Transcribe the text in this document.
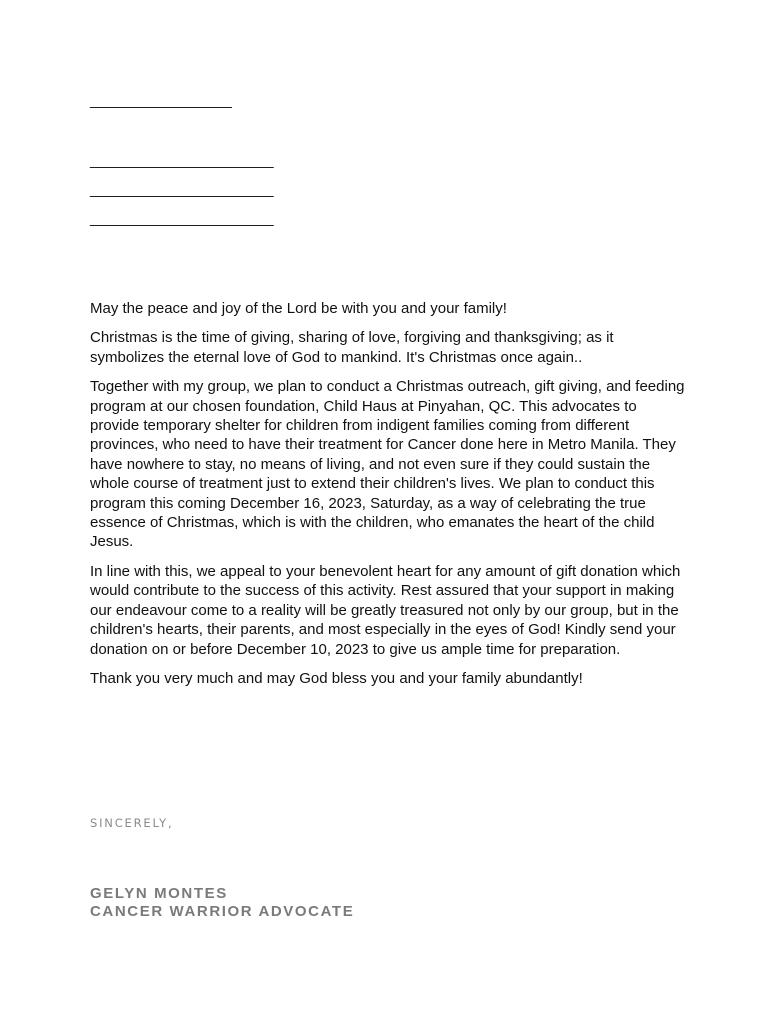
_________________
______________________
______________________
______________________

May the peace and joy of the Lord be with you and your family!

Christmas is the time of giving, sharing of love, forgiving and thanksgiving; as it symbolizes the eternal love of God to mankind. It's Christmas once again..

Together with my group, we plan to conduct a Christmas outreach, gift giving, and feeding program at our chosen foundation, Child Haus at Pinyahan, QC. This advocates to provide temporary shelter for children from indigent families coming from different provinces, who need to have their treatment for Cancer done here in Metro Manila. They have nowhere to stay, no means of living, and not even sure if they could sustain the whole course of treatment just to extend their children's lives. We plan to conduct this program this coming December 16, 2023, Saturday, as a way of celebrating the true essence of Christmas, which is with the children, who emanates the heart of the child Jesus.

In line with this, we appeal to your benevolent heart for any amount of gift donation which would contribute to the success of this activity. Rest assured that your support in making our endeavour come to a reality will be greatly treasured not only by our group, but in the children's hearts, their parents, and most especially in the eyes of God! Kindly send your donation on or before December 10, 2023 to give us ample time for preparation.

Thank you very much and may God bless you and your family abundantly!

SINCERELY,
GELYN MONTES
CANCER WARRIOR ADVOCATE
